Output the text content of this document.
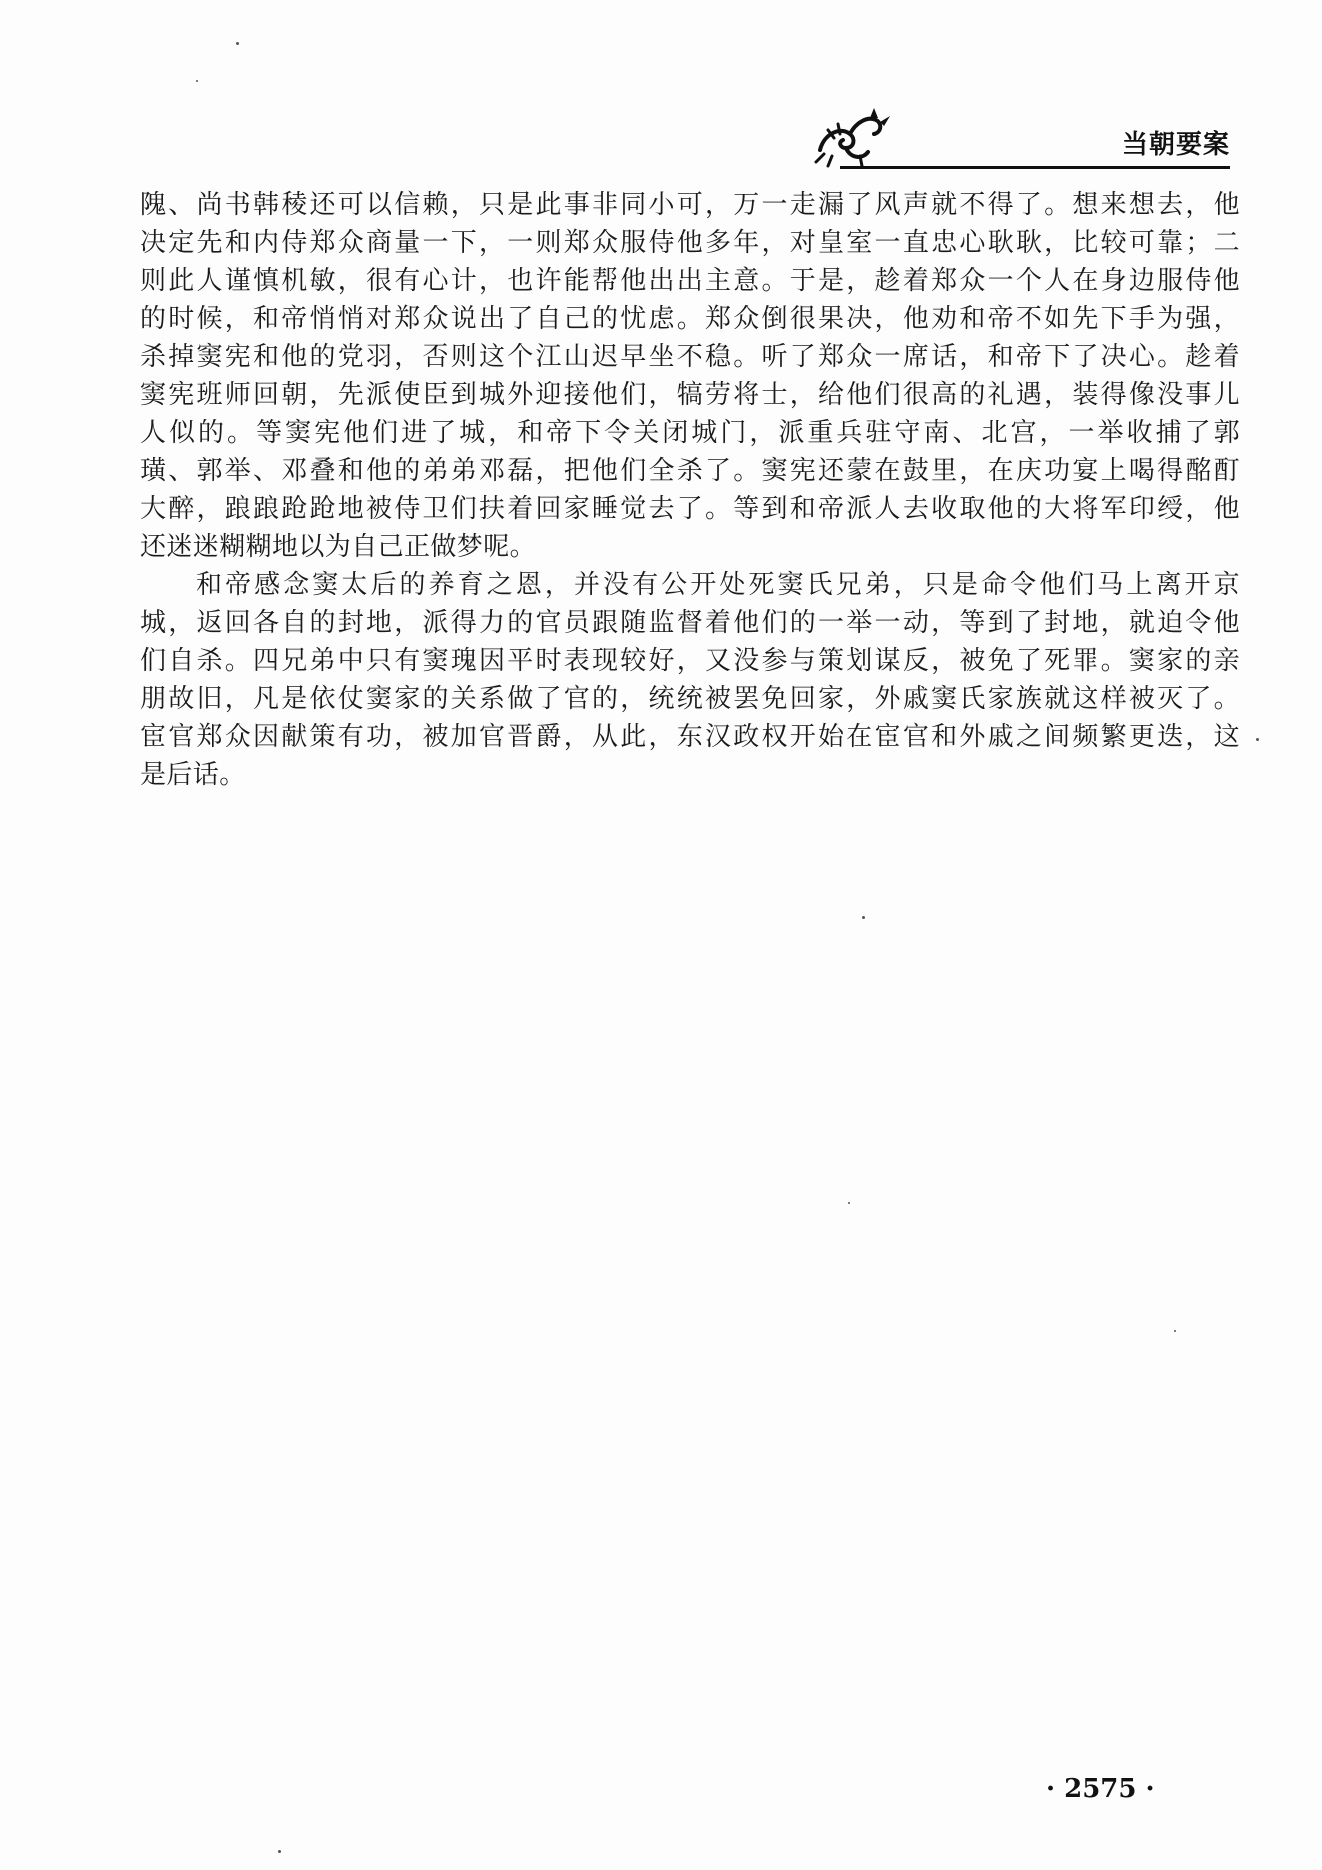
当朝要案
隗、尚书韩稜还可以信赖，只是此事非同小可，万一走漏了风声就不得了。想来想去，他
决定先和内侍郑众商量一下，一则郑众服侍他多年，对皇室一直忠心耿耿，比较可靠；二
则此人谨慎机敏，很有心计，也许能帮他出出主意。于是，趁着郑众一个人在身边服侍他
的时候，和帝悄悄对郑众说出了自己的忧虑。郑众倒很果决，他劝和帝不如先下手为强，
杀掉窦宪和他的党羽，否则这个江山迟早坐不稳。听了郑众一席话，和帝下了决心。趁着
窦宪班师回朝，先派使臣到城外迎接他们，犒劳将士，给他们很高的礼遇，装得像没事儿
人似的。等窦宪他们进了城，和帝下令关闭城门，派重兵驻守南、北宫，一举收捕了郭
璜、郭举、邓叠和他的弟弟邓磊，把他们全杀了。窦宪还蒙在鼓里，在庆功宴上喝得酩酊
大醉，踉踉跄跄地被侍卫们扶着回家睡觉去了。等到和帝派人去收取他的大将军印绶，他
还迷迷糊糊地以为自己正做梦呢。
和帝感念窦太后的养育之恩，并没有公开处死窦氏兄弟，只是命令他们马上离开京
城，返回各自的封地，派得力的官员跟随监督着他们的一举一动，等到了封地，就迫令他
们自杀。四兄弟中只有窦瑰因平时表现较好，又没参与策划谋反，被免了死罪。窦家的亲
朋故旧，凡是依仗窦家的关系做了官的，统统被罢免回家，外戚窦氏家族就这样被灭了。
宦官郑众因献策有功，被加官晋爵，从此，东汉政权开始在宦官和外戚之间频繁更迭，这
是后话。
· 2575 ·
